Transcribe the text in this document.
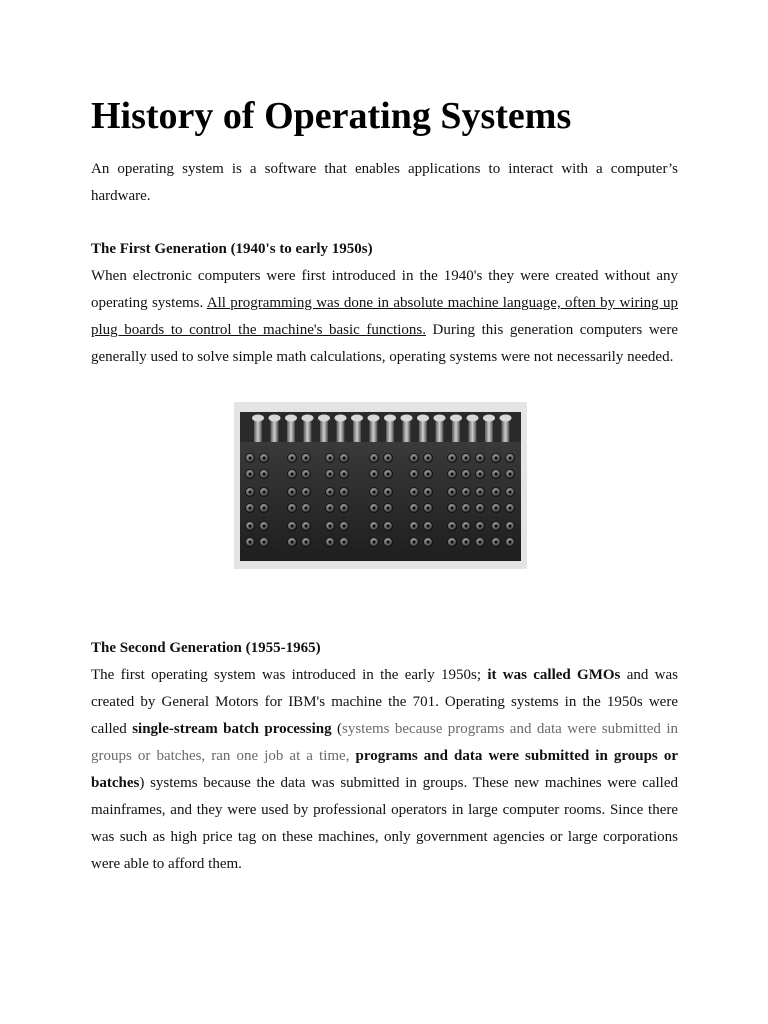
History of Operating Systems

An operating system is a software that enables applications to interact with a computer’s hardware.

The First Generation (1940's to early 1950s)

When electronic computers were first introduced in the 1940's they were created without any operating systems. All programming was done in absolute machine language, often by wiring up plug boards to control the machine's basic functions. During this generation computers were generally used to solve simple math calculations, operating systems were not necessarily needed.

The Second Generation (1955-1965)

The first operating system was introduced in the early 1950s; it was called GMOs and was created by General Motors for IBM's machine the 701. Operating systems in the 1950s were called single-stream batch processing (systems because programs and data were submitted in groups or batches, ran one job at a time, programs and data were submitted in groups or batches) systems because the data was submitted in groups. These new machines were called mainframes, and they were used by professional operators in large computer rooms. Since there was such as high price tag on these machines, only government agencies or large corporations were able to afford them.
